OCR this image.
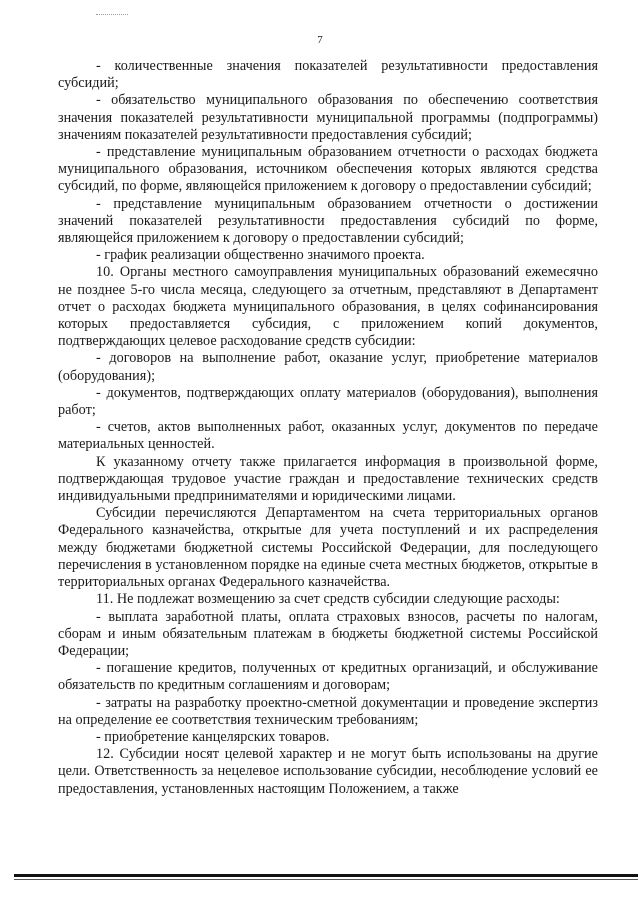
7

- количественные значения показателей результативности предоставления субсидий;

- обязательство муниципального образования по обеспечению соответствия значения показателей результативности муниципальной программы (подпрограммы) значениям показателей результативности предоставления субсидий;

- представление муниципальным образованием отчетности о расходах бюджета муниципального образования, источником обеспечения которых являются средства субсидий, по форме, являющейся приложением к договору о предоставлении субсидий;

- представление муниципальным образованием отчетности о достижении значений показателей результативности предоставления субсидий по форме, являющейся приложением к договору о предоставлении субсидий;

- график реализации общественно значимого проекта.

10. Органы местного самоуправления муниципальных образований ежемесячно не позднее 5-го числа месяца, следующего за отчетным, представляют в Департамент отчет о расходах бюджета муниципального образования, в целях софинансирования которых предоставляется субсидия, с приложением копий документов, подтверждающих целевое расходование средств субсидии:

- договоров на выполнение работ, оказание услуг, приобретение материалов (оборудования);

- документов, подтверждающих оплату материалов (оборудования), выполнения работ;

- счетов, актов выполненных работ, оказанных услуг, документов по передаче материальных ценностей.

К указанному отчету также прилагается информация в произвольной форме, подтверждающая трудовое участие граждан и предоставление технических средств индивидуальными предпринимателями и юридическими лицами.

Субсидии перечисляются Департаментом на счета территориальных органов Федерального казначейства, открытые для учета поступлений и их распределения между бюджетами бюджетной системы Российской Федерации, для последующего перечисления в установленном порядке на единые счета местных бюджетов, открытые в территориальных органах Федерального казначейства.

11. Не подлежат возмещению за счет средств субсидии следующие расходы:

- выплата заработной платы, оплата страховых взносов, расчеты по налогам, сборам и иным обязательным платежам в бюджеты бюджетной системы Российской Федерации;

- погашение кредитов, полученных от кредитных организаций, и обслуживание обязательств по кредитным соглашениям и договорам;

- затраты на разработку проектно-сметной документации и проведение экспертиз на определение ее соответствия техническим требованиям;

- приобретение канцелярских товаров.

12. Субсидии носят целевой характер и не могут быть использованы на другие цели. Ответственность за нецелевое использование субсидии, несоблюдение условий ее предоставления, установленных настоящим Положением, а также
